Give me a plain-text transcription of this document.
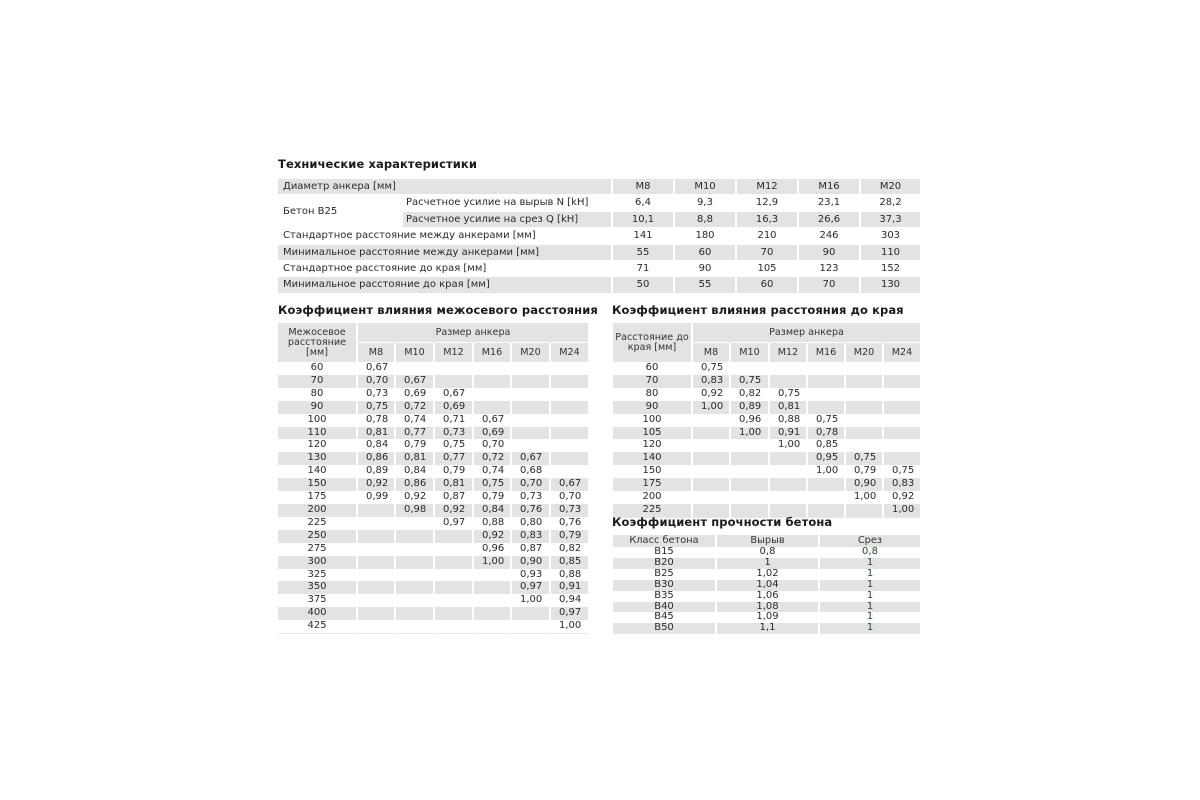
Технические характеристики
Диаметр анкера [мм]		M8	M10	M12	M16	M20
Бетон B25	Расчетное усилие на вырыв N [kH]	6,4	9,3	12,9	23,1	28,2
	Расчетное усилие на срез Q [kH]	10,1	8,8	16,3	26,6	37,3
Стандартное расстояние между анкерами [мм]		141	180	210	246	303
Минимальное расстояние между анкерами [мм]		55	60	70	90	110
Стандартное расстояние до края [мм]		71	90	105	123	152
Минимальное расстояние до края [мм]		50	55	60	70	130
Коэффициент влияния межосевого расстояния
Межосевое расстояние [мм]	Размер анкера					
	M8	M10	M12	M16	M20	M24
60	0,67					
70	0,70	0,67				
80	0,73	0,69	0,67			
90	0,75	0,72	0,69			
100	0,78	0,74	0,71	0,67		
110	0,81	0,77	0,73	0,69		
120	0,84	0,79	0,75	0,70		
130	0,86	0,81	0,77	0,72	0,67	
140	0,89	0,84	0,79	0,74	0,68	
150	0,92	0,86	0,81	0,75	0,70	0,67
175	0,99	0,92	0,87	0,79	0,73	0,70
200		0,98	0,92	0,84	0,76	0,73
225			0,97	0,88	0,80	0,76
250				0,92	0,83	0,79
275				0,96	0,87	0,82
300				1,00	0,90	0,85
325					0,93	0,88
350					0,97	0,91
375					1,00	0,94
400						0,97
425						1,00
Коэффициент влияния расстояния до края
Расстояние до края [мм]	Размер анкера					
	M8	M10	M12	M16	M20	M24
60	0,75					
70	0,83	0,75				
80	0,92	0,82	0,75			
90	1,00	0,89	0,81			
100		0,96	0,88	0,75		
105		1,00	0,91	0,78		
120			1,00	0,85		
140				0,95	0,75	
150				1,00	0,79	0,75
175					0,90	0,83
200					1,00	0,92
225						1,00
Коэффициент прочности бетона
Класс бетона	Вырыв	Срез
B15	0,8	0,8
B20	1	1
B25	1,02	1
B30	1,04	1
B35	1,06	1
B40	1,08	1
B45	1,09	1
B50	1,1	1
